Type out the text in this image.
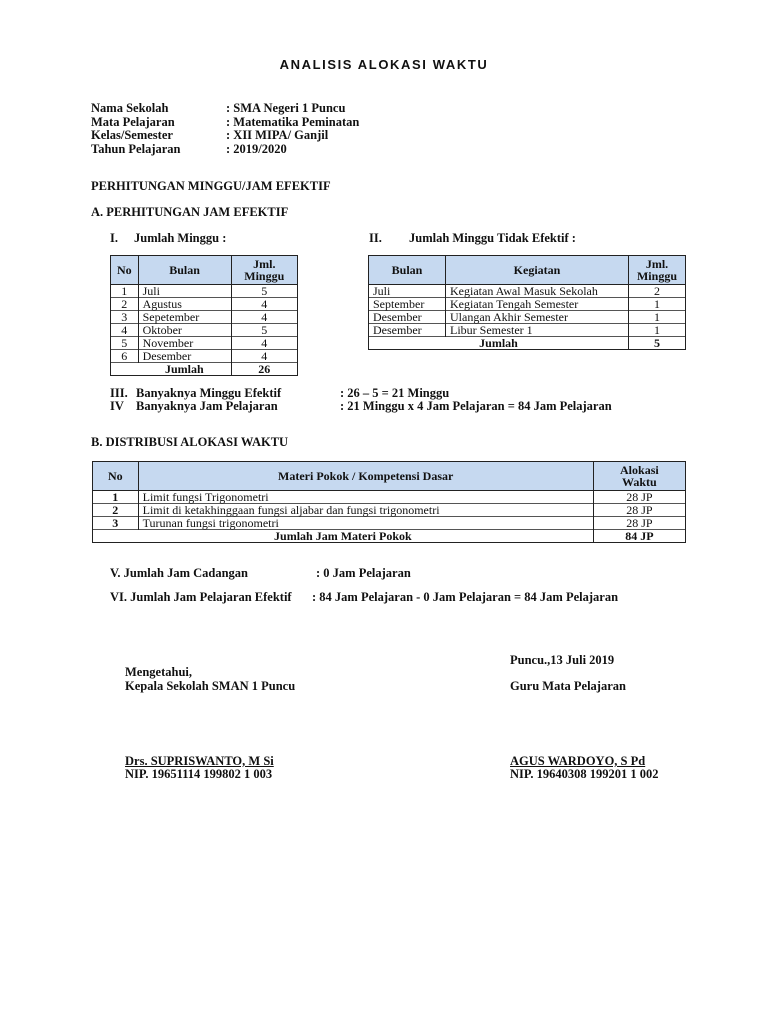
ANALISIS ALOKASI WAKTU
Nama Sekolah	: SMA Negeri 1 Puncu
Mata Pelajaran	: Matematika Peminatan
Kelas/Semester	: XII MIPA/ Ganjil
Tahun Pelajaran	: 2019/2020
PERHITUNGAN MINGGU/JAM EFEKTIF
A. PERHITUNGAN JAM EFEKTIF
I. Jumlah Minggu :	II. Jumlah Minggu Tidak Efektif :
No	Bulan	Jml.
Minggu
1	Juli	5
2	Agustus	4
3	Sepetember	4
4	Oktober	5
5	November	4
6	Desember	4
	Jumlah	26
Bulan	Kegiatan	Jml.
Minggu
Juli	Kegiatan Awal Masuk Sekolah	2
September	Kegiatan Tengah Semester	1
Desember	Ulangan Akhir Semester	1
Desember	Libur Semester 1	1
Jumlah		5
III. Banyaknya Minggu Efektif	: 26 – 5 = 21 Minggu
IV Banyaknya Jam Pelajaran	: 21 Minggu x 4 Jam Pelajaran = 84 Jam Pelajaran
B. DISTRIBUSI ALOKASI WAKTU
No	Materi Pokok / Kompetensi Dasar	Alokasi
Waktu
1	Limit fungsi Trigonometri	28 JP
2	Limit di ketakhinggaan fungsi aljabar dan fungsi trigonometri	28 JP
3	Turunan fungsi trigonometri	28 JP
Jumlah Jam Materi Pokok		84 JP
V. Jumlah Jam Cadangan	: 0 Jam Pelajaran
VI. Jumlah Jam Pelajaran Efektif : 84 Jam Pelajaran - 0 Jam Pelajaran = 84 Jam Pelajaran
Puncu.,13 Juli 2019
Mengetahui,
Kepala Sekolah SMAN 1 Puncu	Guru Mata Pelajaran
Drs. SUPRISWANTO, M Si
NIP. 19651114 199802 1 003
AGUS WARDOYO, S Pd
NIP. 19640308 199201 1 002
